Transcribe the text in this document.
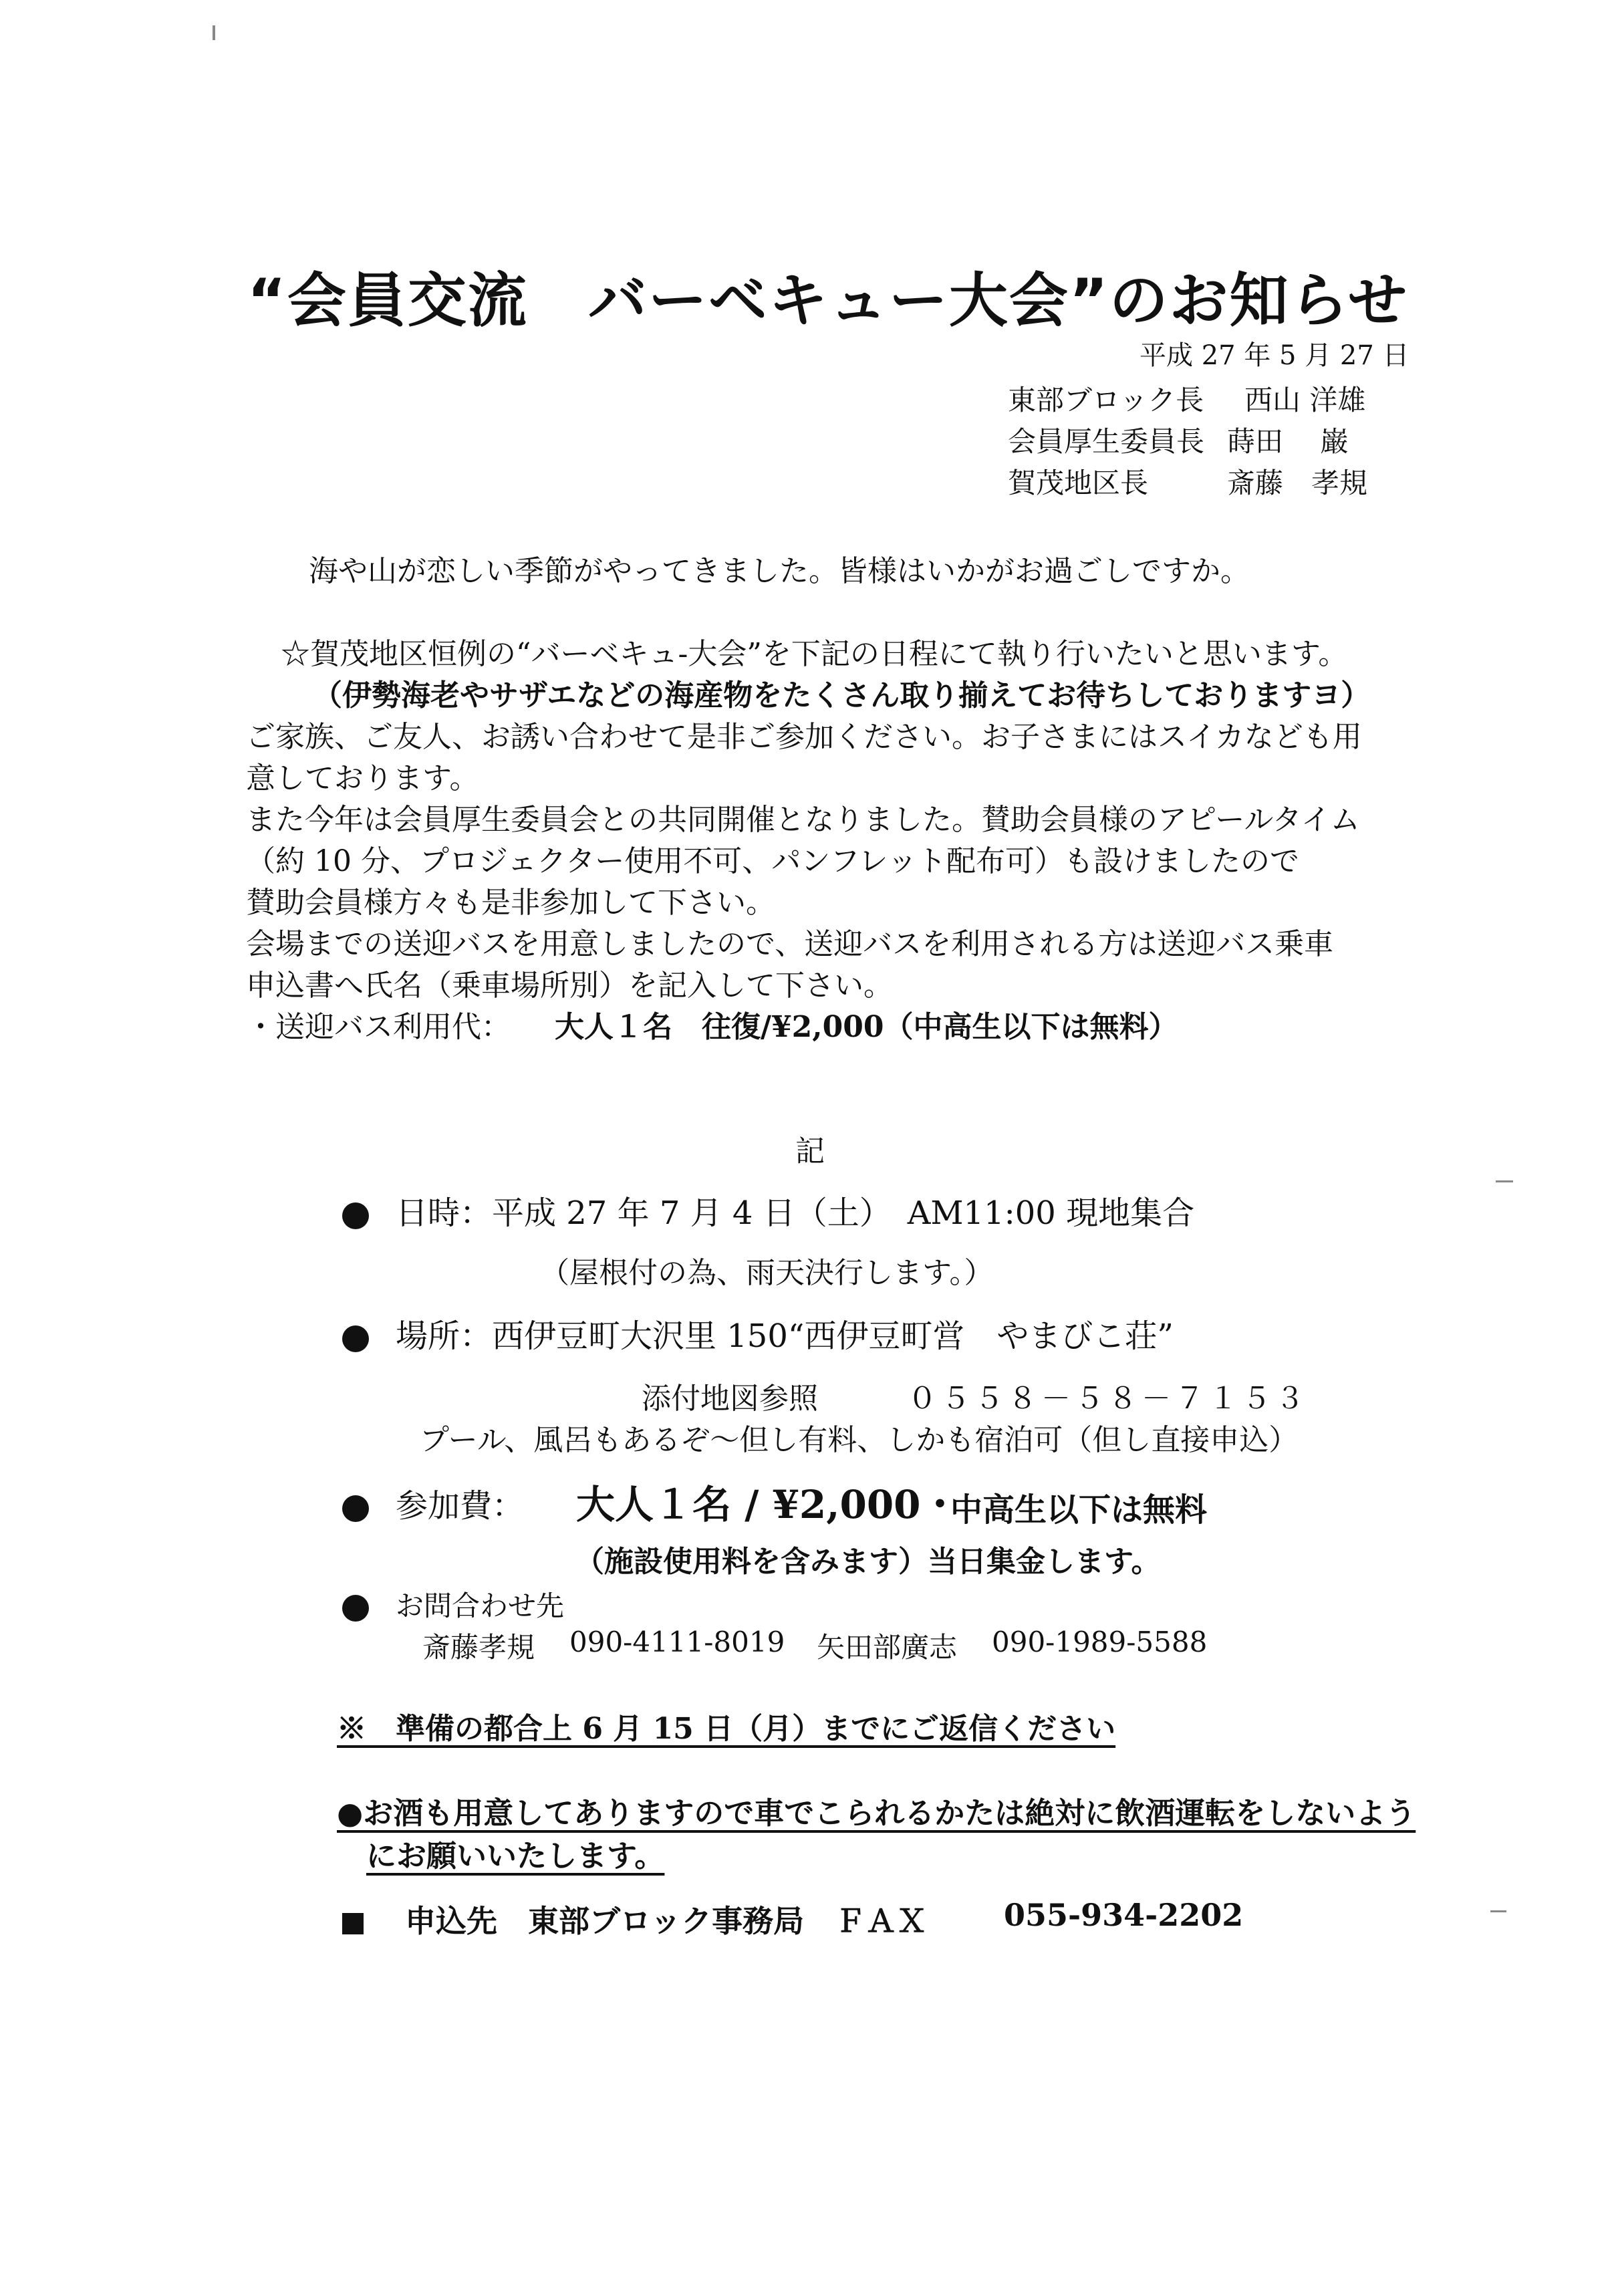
“会員交流　バーベキュー大会”のお知らせ
平成 27 年 5 月 27 日
東部ブロック長 西山 洋雄
会員厚生委員長 蒔田　 巌
賀茂地区長	斎藤　孝規
海や山が恋しい季節がやってきました。皆様はいかがお過ごしですか。
☆賀茂地区恒例の“バーベキュ-大会”を下記の日程にて執り行いたいと思います。
（伊勢海老やサザエなどの海産物をたくさん取り揃えてお待ちしておりますヨ）
ご家族、ご友人、お誘い合わせて是非ご参加ください。お子さまにはスイカなども用
意しております。
また今年は会員厚生委員会との共同開催となりました。賛助会員様のアピールタイム
（約 10 分、プロジェクター使用不可、パンフレット配布可）も設けましたので
賛助会員様方々も是非参加して下さい。
会場までの送迎バスを用意しましたので、送迎バスを利用される方は送迎バス乗車
申込書へ氏名（乗車場所別）を記入して下さい。
・送迎バス利用代： 大人１名　往復/¥2,000（中高生以下は無料）
記
日時：平成 27 年 7 月 4 日（土）　AM11:00 現地集合
（屋根付の為、雨天決行します。）
場所：西伊豆町大沢里 150“西伊豆町営　やまびこ荘”
添付地図参照	０５５８－５８－７１５３
プール、風呂もあるぞ～但し有料、しかも宿泊可（但し直接申込）
参加費： 大人１名 / ¥2,000・
中高生以下は無料
（施設使用料を含みます）当日集金します。
お問合わせ先
斎藤孝規 090-4111-8019 矢田部廣志 090-1989-5588
※　準備の都合上 6 月 15 日（月）までにご返信ください
●お酒も用意してありますので車でこられるかたは絶対に飲酒運転をしないよう
にお願いいたします。
申込先　東部ブロック事務局　ＦＡＸ 055-934-2202
